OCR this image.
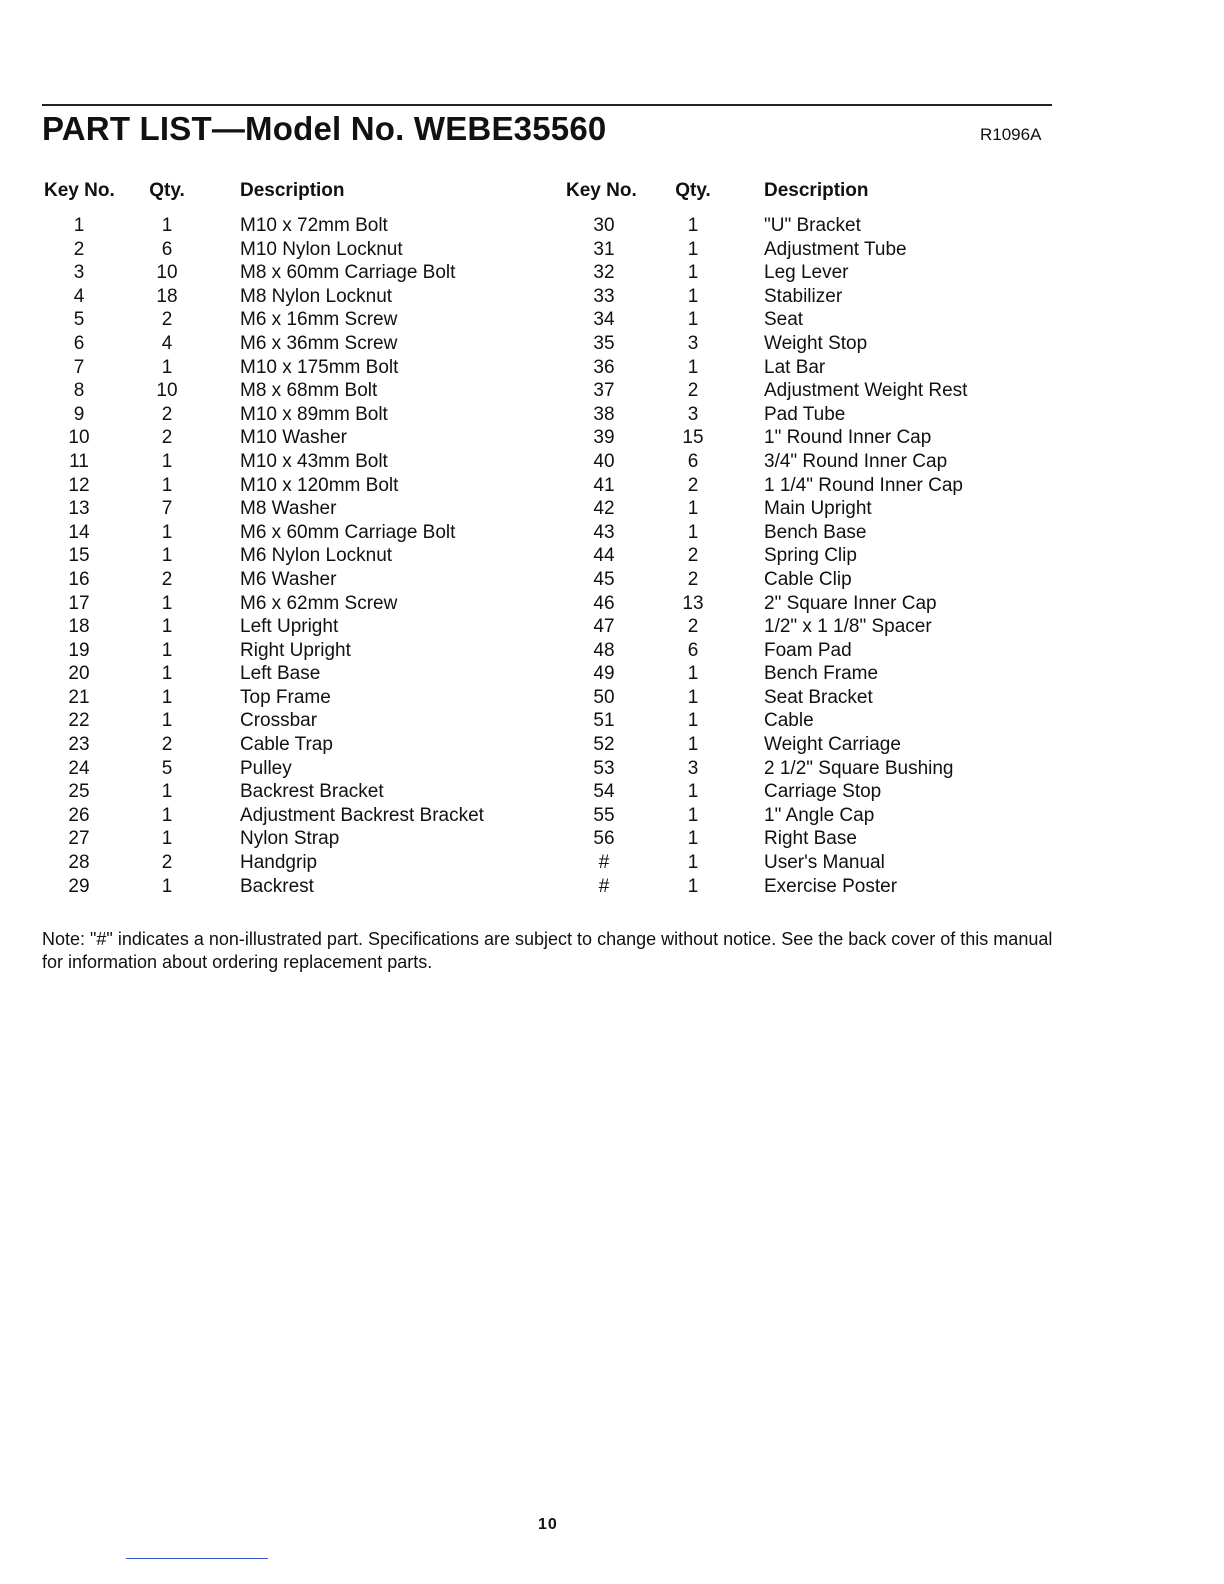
PART LIST—Model No. WEBE35560	R1096A
Key No.	Qty.	Description
1	1	M10 x 72mm Bolt
2	6	M10 Nylon Locknut
3	10	M8 x 60mm Carriage Bolt
4	18	M8 Nylon Locknut
5	2	M6 x 16mm Screw
6	4	M6 x 36mm Screw
7	1	M10 x 175mm Bolt
8	10	M8 x 68mm Bolt
9	2	M10 x 89mm Bolt
10	2	M10 Washer
11	1	M10 x 43mm Bolt
12	1	M10 x 120mm Bolt
13	7	M8 Washer
14	1	M6 x 60mm Carriage Bolt
15	1	M6 Nylon Locknut
16	2	M6 Washer
17	1	M6 x 62mm Screw
18	1	Left Upright
19	1	Right Upright
20	1	Left Base
21	1	Top Frame
22	1	Crossbar
23	2	Cable Trap
24	5	Pulley
25	1	Backrest Bracket
26	1	Adjustment Backrest Bracket
27	1	Nylon Strap
28	2	Handgrip
29	1	Backrest
Key No.	Qty.	Description
30	1	"U" Bracket
31	1	Adjustment Tube
32	1	Leg Lever
33	1	Stabilizer
34	1	Seat
35	3	Weight Stop
36	1	Lat Bar
37	2	Adjustment Weight Rest
38	3	Pad Tube
39	15	1" Round Inner Cap
40	6	3/4" Round Inner Cap
41	2	1 1/4" Round Inner Cap
42	1	Main Upright
43	1	Bench Base
44	2	Spring Clip
45	2	Cable Clip
46	13	2" Square Inner Cap
47	2	1/2" x 1 1/8" Spacer
48	6	Foam Pad
49	1	Bench Frame
50	1	Seat Bracket
51	1	Cable
52	1	Weight Carriage
53	3	2 1/2" Square Bushing
54	1	Carriage Stop
55	1	1" Angle Cap
56	1	Right Base
#	1	User's Manual
#	1	Exercise Poster
Note: "#" indicates a non-illustrated part. Specifications are subject to change without notice. See the back cover of this manual for information about ordering replacement parts.
10
